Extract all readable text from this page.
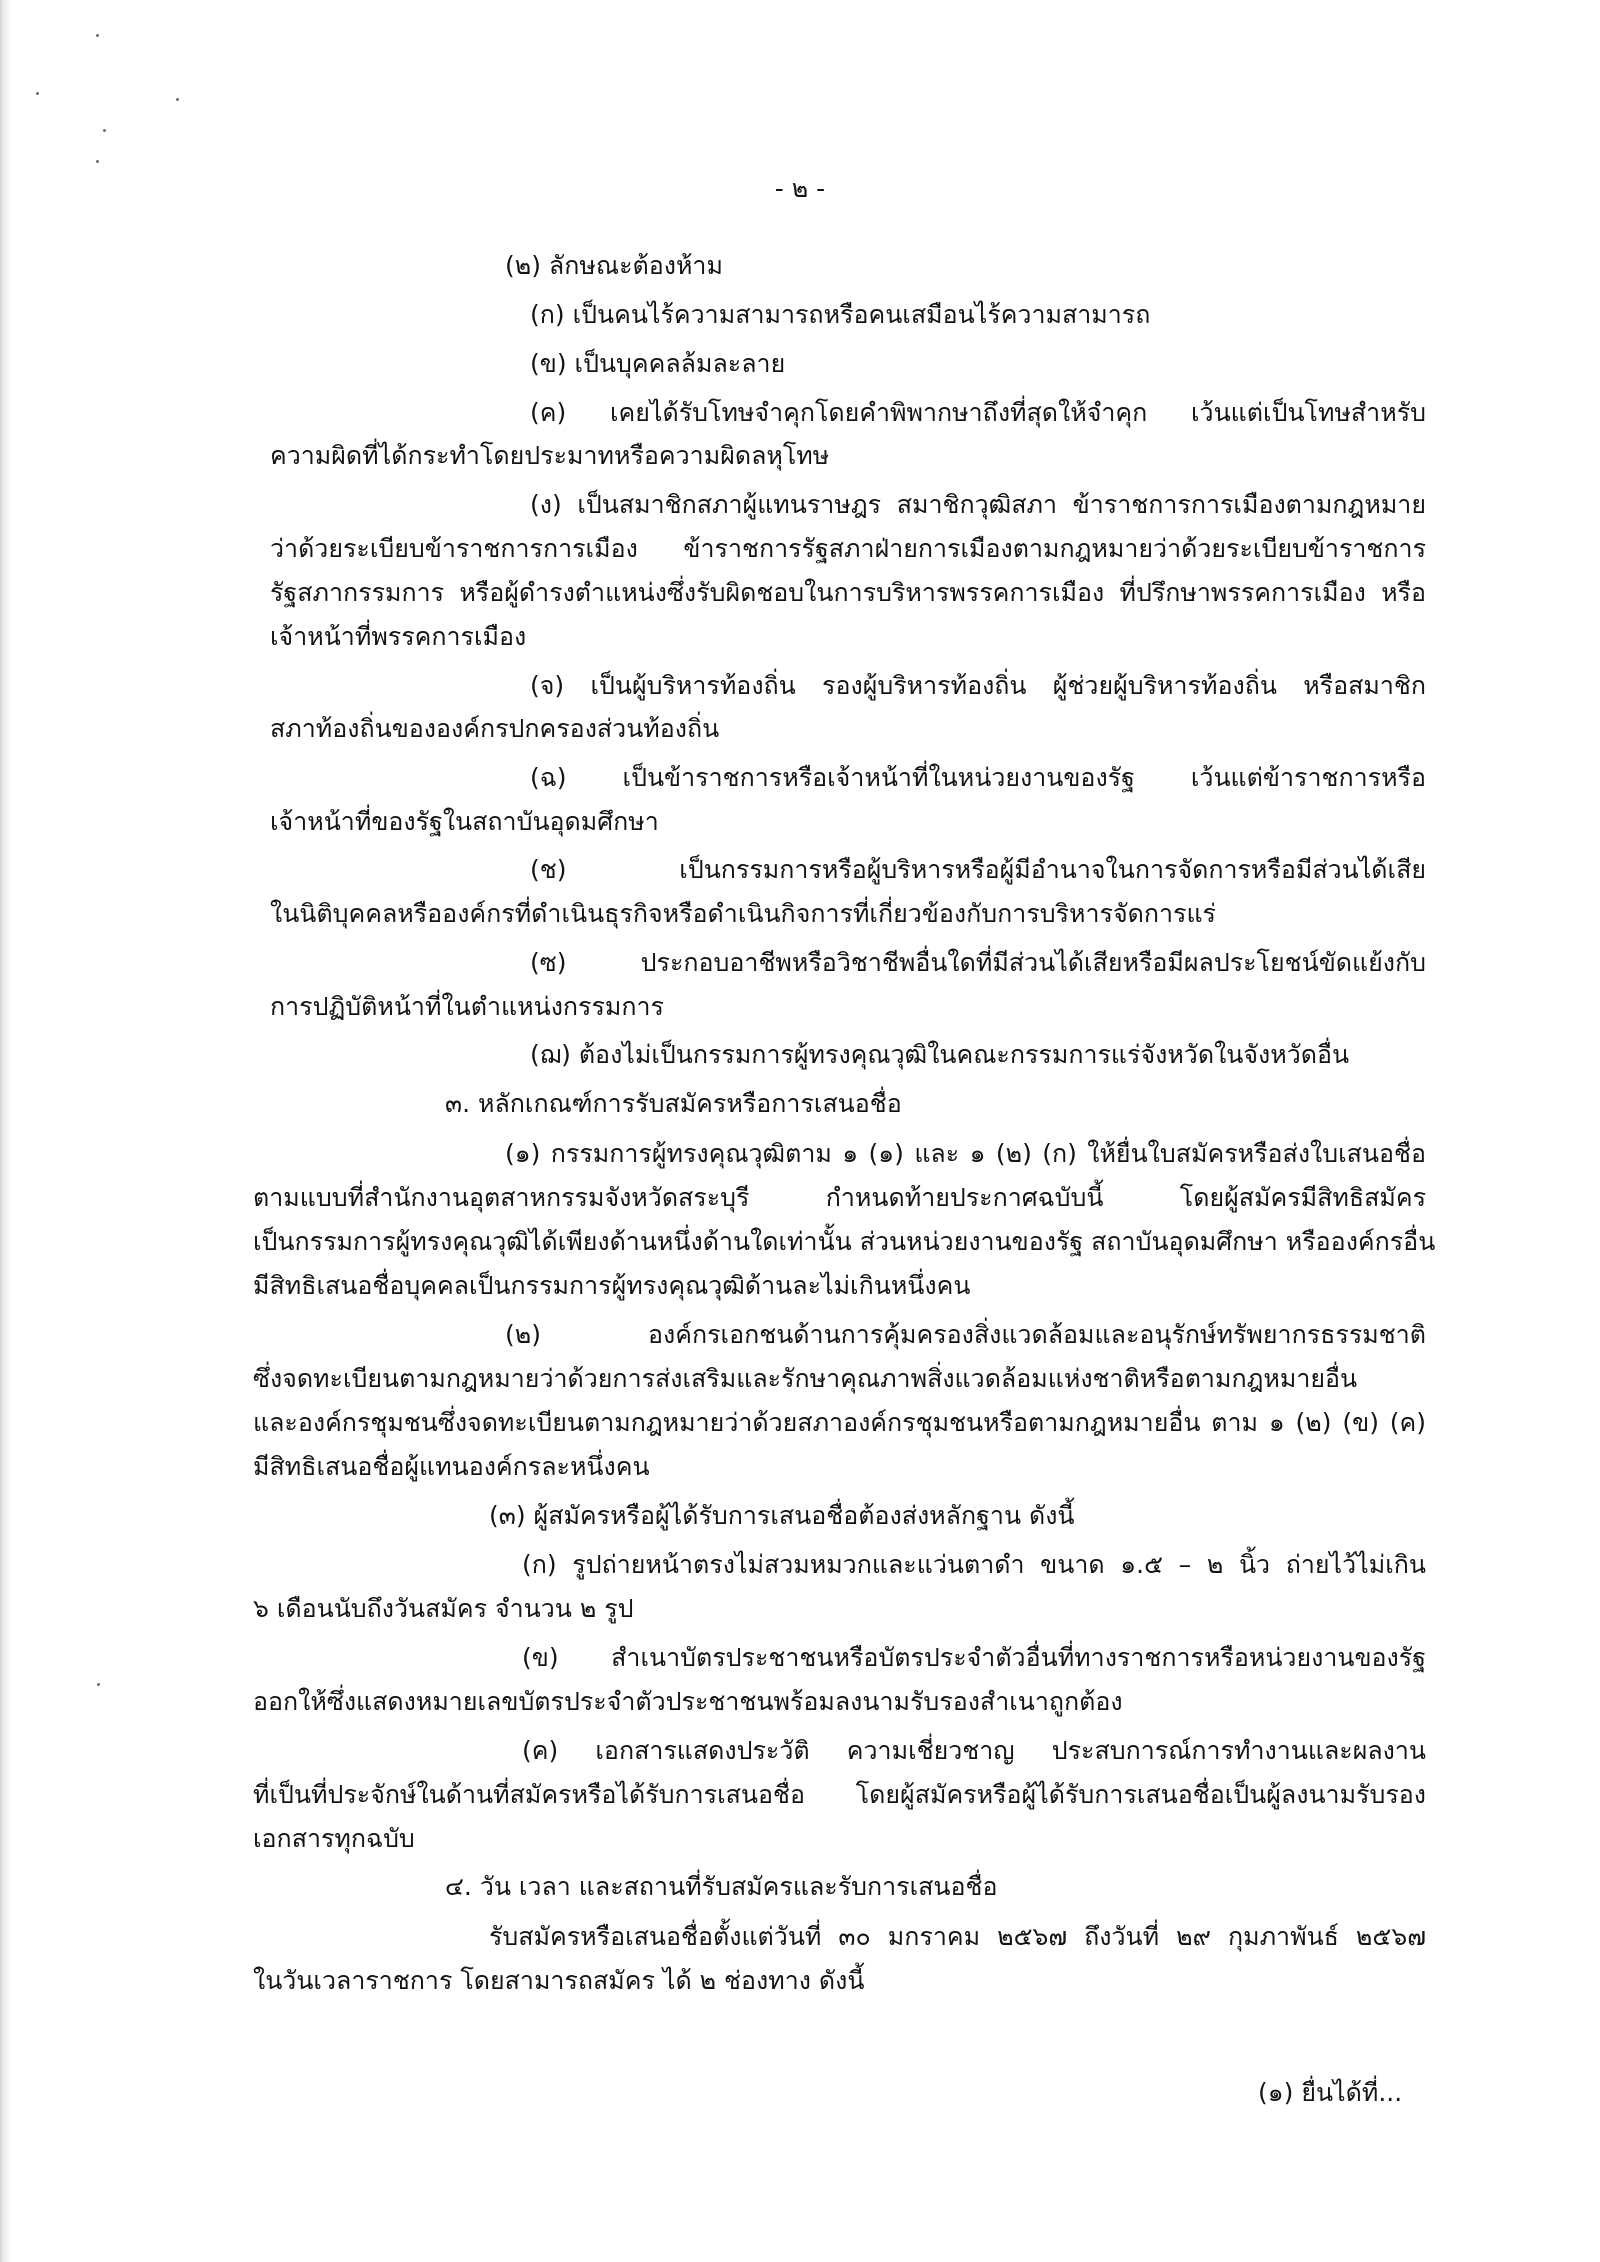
- ๒ -
(๒) ลักษณะต้องห้าม
(ก) เป็นคนไร้ความสามารถหรือคนเสมือนไร้ความสามารถ
(ข) เป็นบุคคลล้มละลาย
(ค) เคยได้รับโทษจำคุกโดยคำพิพากษาถึงที่สุดให้จำคุก เว้นแต่เป็นโทษสำหรับ
ความผิดที่ได้กระทำโดยประมาทหรือความผิดลหุโทษ
(ง) เป็นสมาชิกสภาผู้แทนราษฎร สมาชิกวุฒิสภา ข้าราชการการเมืองตามกฎหมาย
ว่าด้วยระเบียบข้าราชการการเมือง ข้าราชการรัฐสภาฝ่ายการเมืองตามกฎหมายว่าด้วยระเบียบข้าราชการ
รัฐสภากรรมการ หรือผู้ดำรงตำแหน่งซึ่งรับผิดชอบในการบริหารพรรคการเมือง ที่ปรึกษาพรรคการเมือง หรือ
เจ้าหน้าที่พรรคการเมือง
(จ) เป็นผู้บริหารท้องถิ่น รองผู้บริหารท้องถิ่น ผู้ช่วยผู้บริหารท้องถิ่น หรือสมาชิก
สภาท้องถิ่นขององค์กรปกครองส่วนท้องถิ่น
(ฉ) เป็นข้าราชการหรือเจ้าหน้าที่ในหน่วยงานของรัฐ เว้นแต่ข้าราชการหรือ
เจ้าหน้าที่ของรัฐในสถาบันอุดมศึกษา
(ช) เป็นกรรมการหรือผู้บริหารหรือผู้มีอำนาจในการจัดการหรือมีส่วนได้เสีย
ในนิติบุคคลหรือองค์กรที่ดำเนินธุรกิจหรือดำเนินกิจการที่เกี่ยวข้องกับการบริหารจัดการแร่
(ซ) ประกอบอาชีพหรือวิชาชีพอื่นใดที่มีส่วนได้เสียหรือมีผลประโยชน์ขัดแย้งกับ
การปฏิบัติหน้าที่ในตำแหน่งกรรมการ
(ฌ) ต้องไม่เป็นกรรมการผู้ทรงคุณวุฒิในคณะกรรมการแร่จังหวัดในจังหวัดอื่น
๓. หลักเกณฑ์การรับสมัครหรือการเสนอชื่อ
(๑) กรรมการผู้ทรงคุณวุฒิตาม ๑ (๑) และ ๑ (๒) (ก) ให้ยื่นใบสมัครหรือส่งใบเสนอชื่อ
ตามแบบที่สำนักงานอุตสาหกรรมจังหวัดสระบุรี กำหนดท้ายประกาศฉบับนี้ โดยผู้สมัครมีสิทธิสมัคร
เป็นกรรมการผู้ทรงคุณวุฒิได้เพียงด้านหนึ่งด้านใดเท่านั้น ส่วนหน่วยงานของรัฐ สถาบันอุดมศึกษา หรือองค์กรอื่น
มีสิทธิเสนอชื่อบุคคลเป็นกรรมการผู้ทรงคุณวุฒิด้านละไม่เกินหนึ่งคน
(๒) องค์กรเอกชนด้านการคุ้มครองสิ่งแวดล้อมและอนุรักษ์ทรัพยากรธรรมชาติ
ซึ่งจดทะเบียนตามกฎหมายว่าด้วยการส่งเสริมและรักษาคุณภาพสิ่งแวดล้อมแห่งชาติหรือตามกฎหมายอื่น
และองค์กรชุมชนซึ่งจดทะเบียนตามกฎหมายว่าด้วยสภาองค์กรชุมชนหรือตามกฎหมายอื่น ตาม ๑ (๒) (ข) (ค)
มีสิทธิเสนอชื่อผู้แทนองค์กรละหนึ่งคน
(๓) ผู้สมัครหรือผู้ได้รับการเสนอชื่อต้องส่งหลักฐาน ดังนี้
(ก) รูปถ่ายหน้าตรงไม่สวมหมวกและแว่นตาดำ ขนาด ๑.๕ – ๒ นิ้ว ถ่ายไว้ไม่เกิน
๖ เดือนนับถึงวันสมัคร จำนวน ๒ รูป
(ข) สำเนาบัตรประชาชนหรือบัตรประจำตัวอื่นที่ทางราชการหรือหน่วยงานของรัฐ
ออกให้ซึ่งแสดงหมายเลขบัตรประจำตัวประชาชนพร้อมลงนามรับรองสำเนาถูกต้อง
(ค) เอกสารแสดงประวัติ ความเชี่ยวชาญ ประสบการณ์การทำงานและผลงาน
ที่เป็นที่ประจักษ์ในด้านที่สมัครหรือได้รับการเสนอชื่อ โดยผู้สมัครหรือผู้ได้รับการเสนอชื่อเป็นผู้ลงนามรับรอง
เอกสารทุกฉบับ
๔. วัน เวลา และสถานที่รับสมัครและรับการเสนอชื่อ
รับสมัครหรือเสนอชื่อตั้งแต่วันที่ ๓๐ มกราคม ๒๕๖๗ ถึงวันที่ ๒๙ กุมภาพันธ์ ๒๕๖๗
ในวันเวลาราชการ โดยสามารถสมัคร ได้ ๒ ช่องทาง ดังนี้
(๑) ยื่นได้ที่...
